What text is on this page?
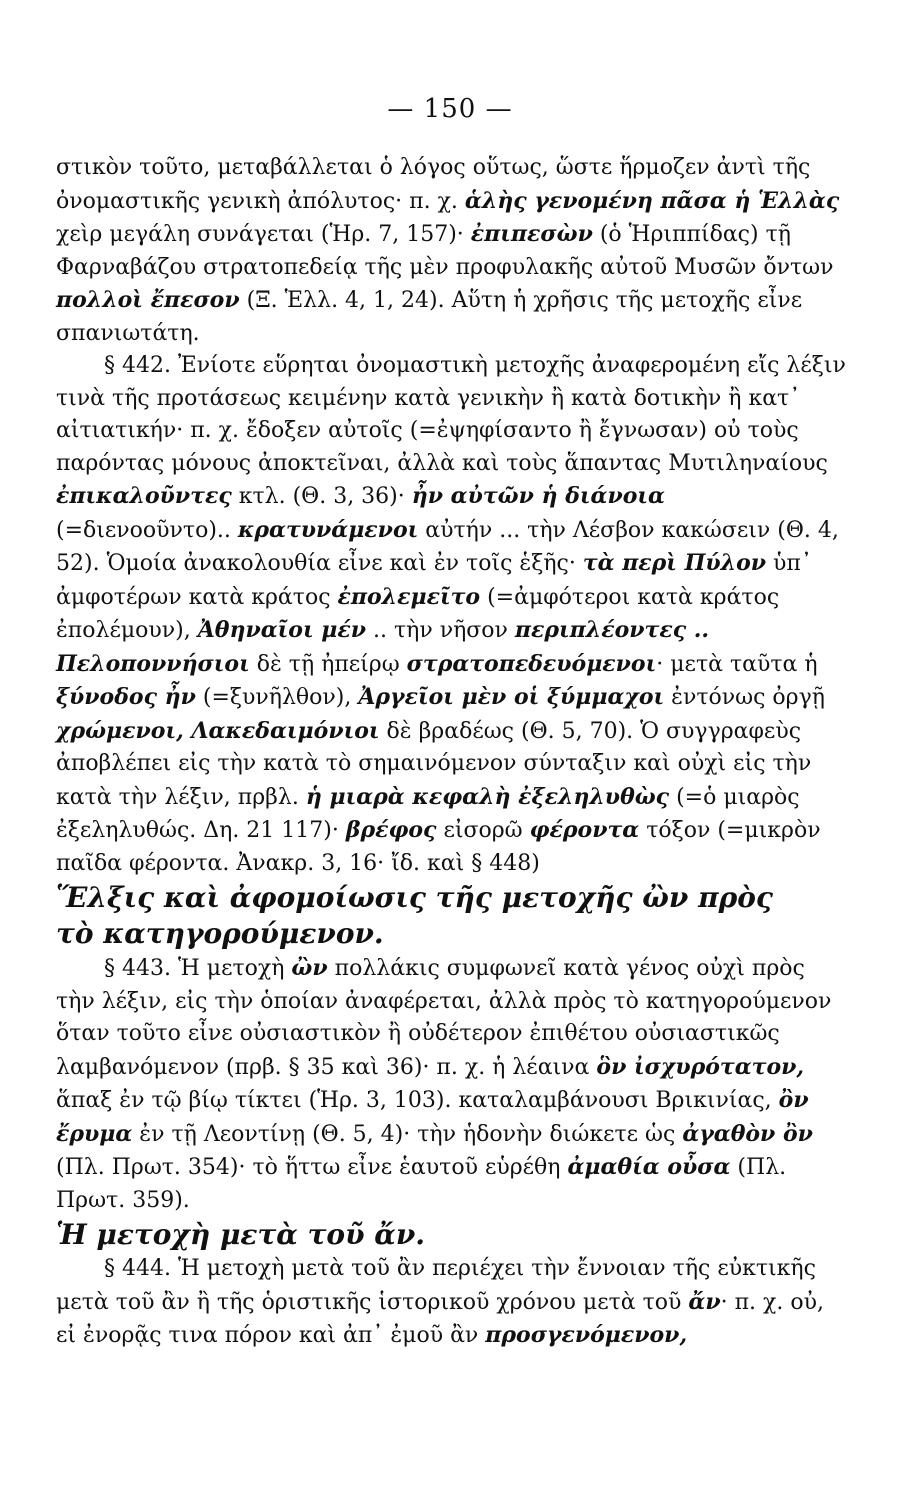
— 150 —

στικὸν τοῦτο, μεταβάλλεται ὁ λόγος οὕτως, ὥστε ἥρμοζεν ἀντὶ τῆς ὀνομαστικῆς γενικὴ ἀπόλυτος· π. χ. ἁλὴς γενομένη πᾶσα ἡ Ἑλλὰς χεὶρ μεγάλη συνάγεται (Ἡρ. 7, 157)· ἐπιπεσὼν (ὁ Ἡριππίδας) τῇ Φαρναβάζου στρατοπεδείᾳ τῆς μὲν προφυλακῆς αὐτοῦ Μυσῶν ὄντων πολλοὶ ἔπεσον (Ξ. Ἑλλ. 4, 1, 24). Αὕτη ἡ χρῆσις τῆς μετοχῆς εἶνε σπανιωτάτη.

§ 442. Ἐνίοτε εὕρηται ὀνομαστικὴ μετοχῆς ἀναφερομένη εἴς λέξιν τινὰ τῆς προτάσεως κειμένην κατὰ γενικὴν ἢ κατὰ δοτικὴν ἢ κατ᾽ αἰτιατικήν· π. χ. ἔδοξεν αὐτοῖς (=ἐψηφίσαντο ἢ ἔγνωσαν) οὐ τοὺς παρόντας μόνους ἀποκτεῖναι, ἀλλὰ καὶ τοὺς ἅπαντας Μυτιληναίους ἐπικαλοῦντες κτλ. (Θ. 3, 36)· ἦν αὐτῶν ἡ διάνοια (=διενοοῦντο).. κρατυνάμενοι αὐτήν ... τὴν Λέσβον κακώσειν (Θ. 4, 52). Ὁμοία ἀνακολουθία εἶνε καὶ ἐν τοῖς ἑξῆς· τὰ περὶ Πύλον ὑπ᾽ ἀμφοτέρων κατὰ κράτος ἐπολεμεῖτο (=ἀμφότεροι κατὰ κράτος ἐπολέμουν), Ἀθηναῖοι μέν .. τὴν νῆσον περιπλέοντες .. Πελοποννήσιοι δὲ τῇ ἠπείρῳ στρατοπεδευόμενοι· μετὰ ταῦτα ἡ ξύνοδος ἦν (=ξυνῆλθον), Ἀργεῖοι μὲν οἱ ξύμμαχοι ἐντόνως ὀργῇ χρώμενοι, Λακεδαιμόνιοι δὲ βραδέως (Θ. 5, 70). Ὁ συγγραφεὺς ἀποβλέπει εἰς τὴν κατὰ τὸ σημαινόμενον σύνταξιν καὶ οὐχὶ εἰς τὴν κατὰ τὴν λέξιν, πρβλ. ἡ μιαρὰ κεφαλὴ ἐξεληλυθὼς (=ὁ μιαρὸς ἐξεληλυθώς. Δη. 21 117)· βρέφος εἰσορῶ φέροντα τόξον (=μικρὸν παῖδα φέροντα. Ἀνακρ. 3, 16· ἴδ. καὶ § 448)

Ἕλξις καὶ ἀφομοίωσις τῆς μετοχῆς ὢν πρὸς
τὸ κατηγορούμενον.

§ 443. Ἡ μετοχὴ ὢν πολλάκις συμφωνεῖ κατὰ γένος οὐχὶ πρὸς τὴν λέξιν, εἰς τὴν ὁποίαν ἀναφέρεται, ἀλλὰ πρὸς τὸ κατηγορούμενον ὅταν τοῦτο εἶνε οὐσιαστικὸν ἢ οὐδέτερον ἐπιθέτου οὐσιαστικῶς λαμβανόμενον (πρβ. § 35 καὶ 36)· π. χ. ἡ λέαινα ὃν ἰσχυρότατον, ἅπαξ ἐν τῷ βίῳ τίκτει (Ἡρ. 3, 103). καταλαμβάνουσι Βρικινίας, ὂν ἔρυμα ἐν τῇ Λεοντίνῃ (Θ. 5, 4)· τὴν ἡδονὴν διώκετε ὡς ἀγαθὸν ὂν (Πλ. Πρωτ. 354)· τὸ ἥττω εἶνε ἑαυτοῦ εὑρέθη ἀμαθία οὖσα (Πλ. Πρωτ. 359).

Ἡ μετοχὴ μετὰ τοῦ ἄν.

§ 444. Ἡ μετοχὴ μετὰ τοῦ ἂν περιέχει τὴν ἔννοιαν τῆς εὐκτικῆς μετὰ τοῦ ἂν ἢ τῆς ὁριστικῆς ἱστορικοῦ χρόνου μετὰ τοῦ ἄν· π. χ. οὐ, εἰ ἐνορᾷς τινα πόρον καὶ ἀπ᾽ ἐμοῦ ἂν προσγενόμενον,
